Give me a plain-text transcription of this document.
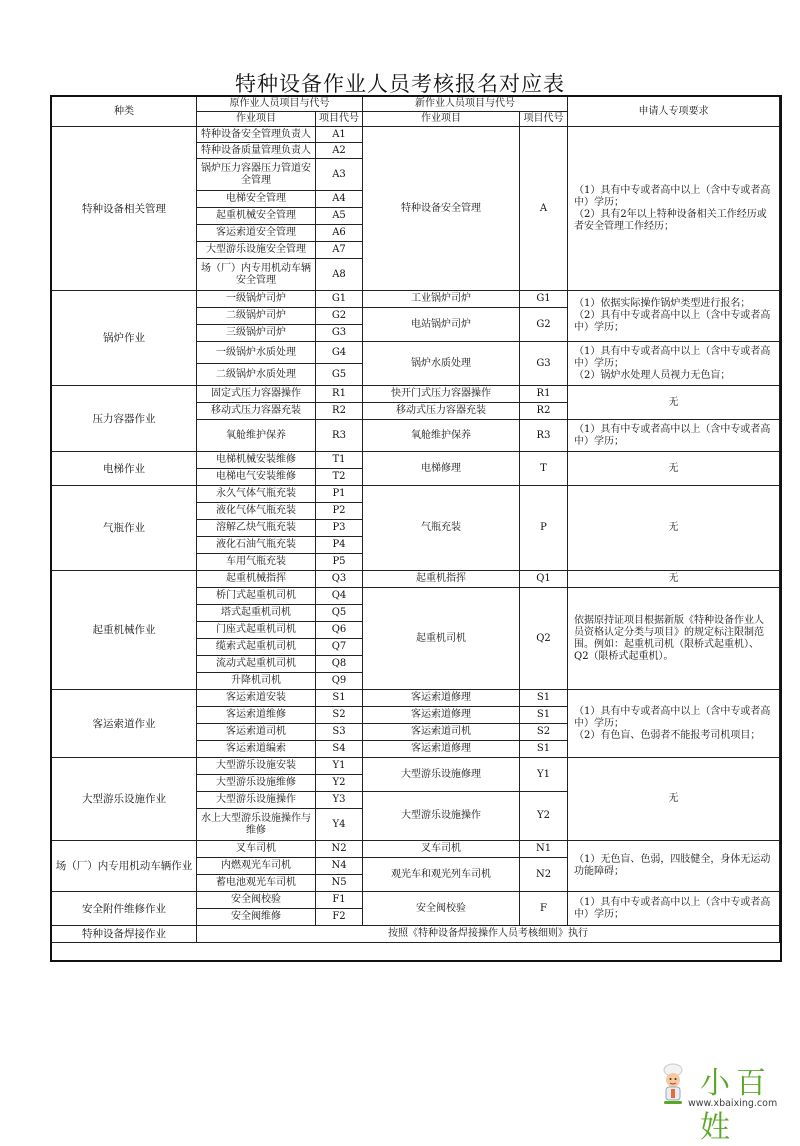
特种设备作业人员考核报名对应表
种类	原作业人员项目与代号		新作业人员项目与代号		申请人专项要求
	作业项目	项目代号	作业项目	项目代号	
特种设备相关管理	特种设备安全管理负责人	A1	特种设备安全管理	A	（1）具有中专或者高中以上（含中专或者高中）学历；
（2）具有2年以上特种设备相关工作经历或者安全管理工作经历；

	特种设备质量管理负责人	A2			
	锅炉压力容器压力管道安全管理	A3			
	电梯安全管理	A4			
	起重机械安全管理	A5			
	客运索道安全管理	A6			
	大型游乐设施安全管理	A7			
	场（厂）内专用机动车辆安全管理	A8			
锅炉作业	一级锅炉司炉	G1	工业锅炉司炉	G1	（1）依据实际操作锅炉类型进行报名；
（2）具有中专或者高中以上（含中专或者高中）学历；

	二级锅炉司炉	G2	电站锅炉司炉	G2	
	三级锅炉司炉	G3			
	一级锅炉水质处理	G4	锅炉水质处理	G3	（1）具有中专或者高中以上（含中专或者高中）学历；
（2）锅炉水处理人员视力无色盲；

	二级锅炉水质处理	G5			
压力容器作业	固定式压力容器操作	R1	快开门式压力容器操作	R1	无
	移动式压力容器充装	R2	移动式压力容器充装	R2	
	氧舱维护保养	R3	氧舱维护保养	R3	（1）具有中专或者高中以上（含中专或者高中）学历；

电梯作业	电梯机械安装维修	T1	电梯修理	T	无
	电梯电气安装维修	T2			
气瓶作业	永久气体气瓶充装	P1	气瓶充装	P	无
	液化气体气瓶充装	P2			
	溶解乙炔气瓶充装	P3			
	液化石油气瓶充装	P4			
	车用气瓶充装	P5			
起重机械作业	起重机械指挥	Q3	起重机指挥	Q1	无
	桥门式起重机司机	Q4	起重机司机	Q2	依据原持证项目根据新版《特种设备作业人员资格认定分类与项目》的规定标注限制范围。例如：起重机司机（限桥式起重机）、Q2（限桥式起重机）。
	塔式起重机司机	Q5			
	门座式起重机司机	Q6			
	缆索式起重机司机	Q7			
	流动式起重机司机	Q8			
	升降机司机	Q9			
客运索道作业	客运索道安装	S1	客运索道修理	S1	（1）具有中专或者高中以上（含中专或者高中）学历；
（2）有色盲、色弱者不能报考司机项目；

	客运索道维修	S2	客运索道修理	S1	
	客运索道司机	S3	客运索道司机	S2	
	客运索道编索	S4	客运索道修理	S1	
大型游乐设施作业	大型游乐设施安装	Y1	大型游乐设施修理	Y1	无
	大型游乐设施维修	Y2			
	大型游乐设施操作	Y3	大型游乐设施操作	Y2	
	水上大型游乐设施操作与维修	Y4			
场（厂）内专用机动车辆作业	叉车司机	N2	叉车司机	N1	（1）无色盲、色弱，四肢健全，身体无运动功能障碍；

	内燃观光车司机	N4	观光车和观光列车司机	N2	
	蓄电池观光车司机	N5			
安全附件维修作业	安全阀校验	F1	安全阀校验	F	（1）具有中专或者高中以上（含中专或者高中）学历；

	安全阀维修	F2			
特种设备焊接作业	按照《特种设备焊接操作人员考核细则》执行				
小百姓
www.xbaixing.com
